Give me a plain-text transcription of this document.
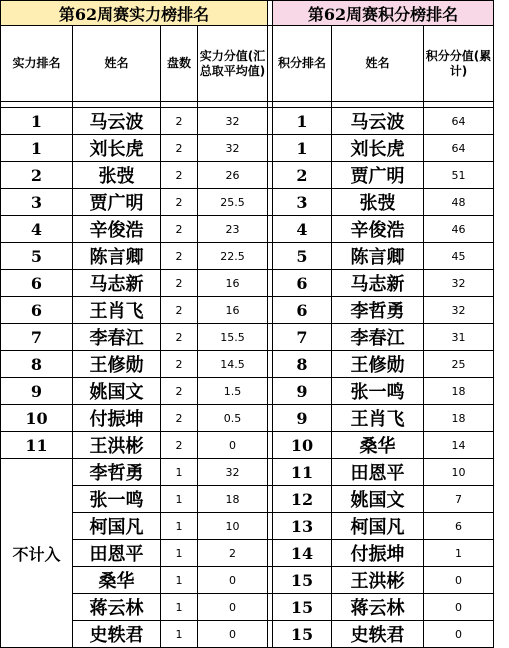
第62周赛实力榜排名					第62周赛积分榜排名		
实力排名	姓名	盘数	实力分值(汇总取平均值)		积分排名	姓名	积分分值(累计)

1	马云波	2	32		1	马云波	64
1	刘长虎	2	32		1	刘长虎	64
2	张弢	2	26		2	贾广明	51
3	贾广明	2	25.5		3	张弢	48
4	辛俊浩	2	23		4	辛俊浩	46
5	陈言卿	2	22.5		5	陈言卿	45
6	马志新	2	16		6	马志新	32
6	王肖飞	2	16		6	李哲勇	32
7	李春江	2	15.5		7	李春江	31
8	王修勋	2	14.5		8	王修勋	25
9	姚国文	2	1.5		9	张一鸣	18
10	付振坤	2	0.5		9	王肖飞	18
11	王洪彬	2	0		10	桑华	14
不计入	李哲勇	1	32		11	田恩平	10
	张一鸣	1	18		12	姚国文	7
	柯国凡	1	10		13	柯国凡	6
	田恩平	1	2		14	付振坤	1
	桑华	1	0		15	王洪彬	0
	蒋云林	1	0		15	蒋云林	0
	史轶君	1	0		15	史轶君	0
